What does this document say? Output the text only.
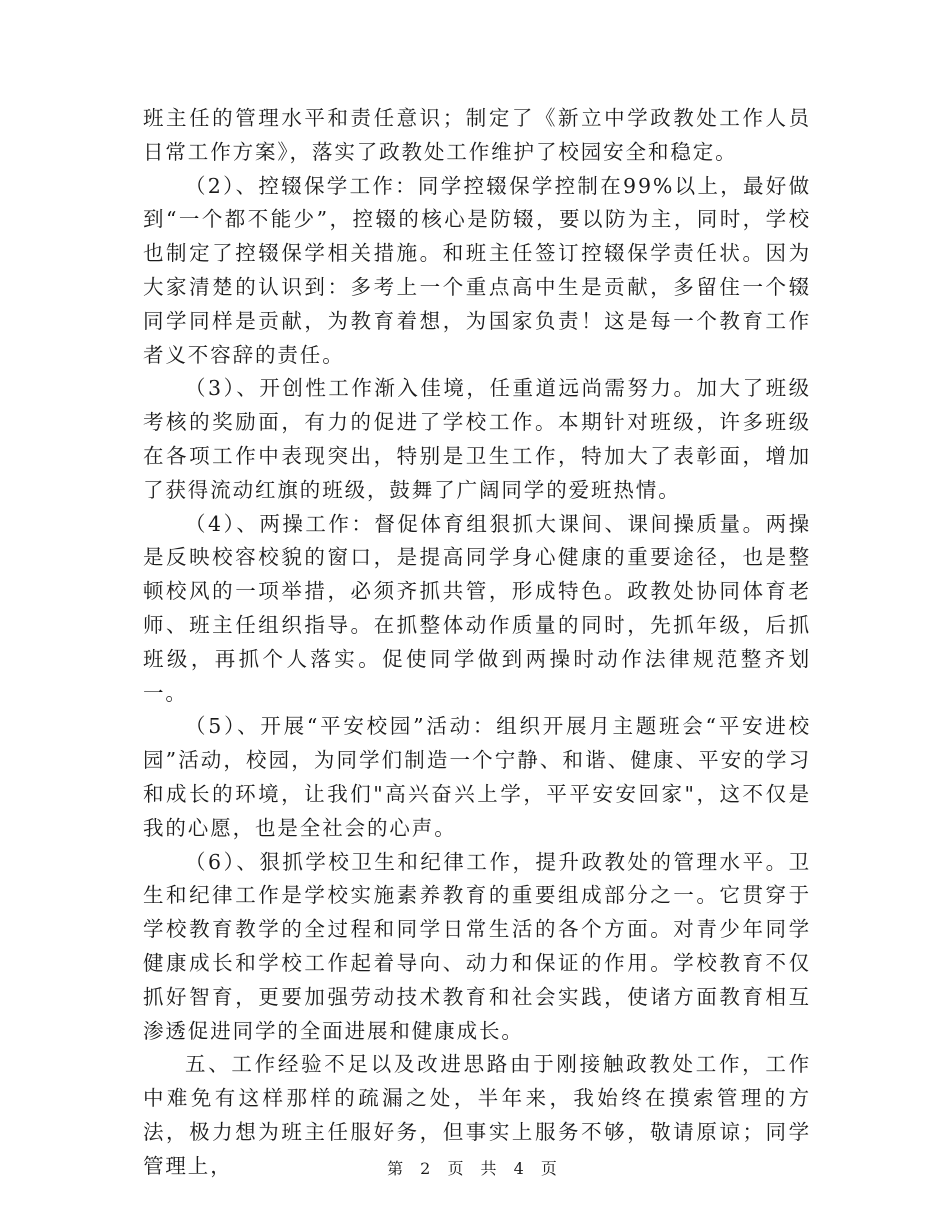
班主任的管理水平和责任意识；制定了《新立中学政教处工作人员日常工作方案》，落实了政教处工作维护了校园安全和稳定。

（2）、控辍保学工作：同学控辍保学控制在99%以上，最好做到“一个都不能少”，控辍的核心是防辍，要以防为主，同时，学校也制定了控辍保学相关措施。和班主任签订控辍保学责任状。因为大家清楚的认识到：多考上一个重点高中生是贡献，多留住一个辍同学同样是贡献，为教育着想，为国家负责！这是每一个教育工作者义不容辞的责任。

（3）、开创性工作渐入佳境，任重道远尚需努力。加大了班级考核的奖励面，有力的促进了学校工作。本期针对班级，许多班级在各项工作中表现突出，特别是卫生工作，特加大了表彰面，增加了获得流动红旗的班级，鼓舞了广阔同学的爱班热情。

（4）、两操工作：督促体育组狠抓大课间、课间操质量。两操是反映校容校貌的窗口，是提高同学身心健康的重要途径，也是整顿校风的一项举措，必须齐抓共管，形成特色。政教处协同体育老师、班主任组织指导。在抓整体动作质量的同时，先抓年级，后抓班级，再抓个人落实。促使同学做到两操时动作法律规范整齐划一。

（5）、开展“平安校园”活动：组织开展月主题班会“平安进校园”活动，校园，为同学们制造一个宁静、和谐、健康、平安的学习和成长的环境，让我们"高兴奋兴上学，平平安安回家"，这不仅是我的心愿，也是全社会的心声。

（6）、狠抓学校卫生和纪律工作，提升政教处的管理水平。卫生和纪律工作是学校实施素养教育的重要组成部分之一。它贯穿于学校教育教学的全过程和同学日常生活的各个方面。对青少年同学健康成长和学校工作起着导向、动力和保证的作用。学校教育不仅抓好智育，更要加强劳动技术教育和社会实践，使诸方面教育相互渗透促进同学的全面进展和健康成长。

五、工作经验不足以及改进思路由于刚接触政教处工作，工作中难免有这样那样的疏漏之处，半年来，我始终在摸索管理的方法，极力想为班主任服好务，但事实上服务不够，敬请原谅；同学管理上，	第 2 页 共 4 页
